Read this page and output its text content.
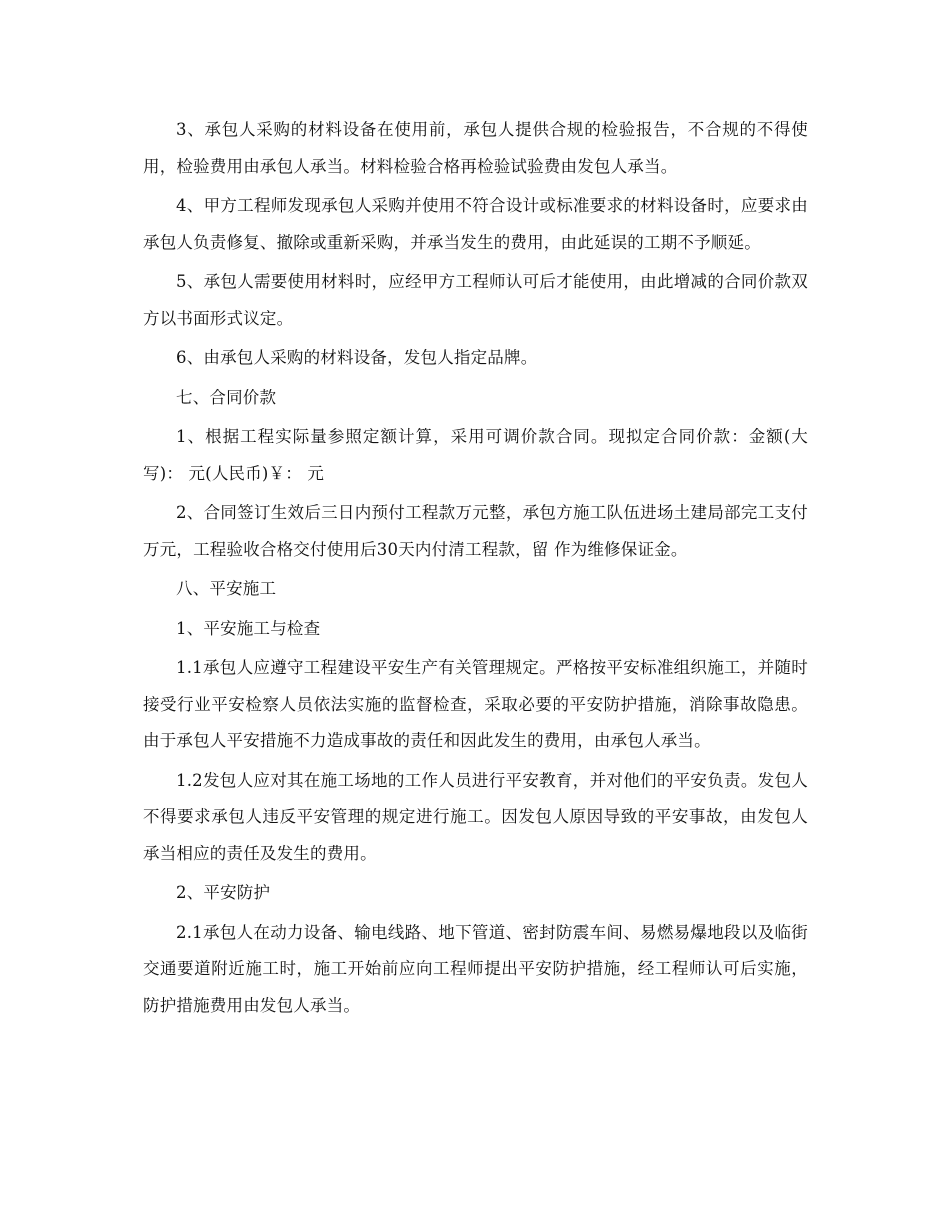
3、承包人采购的材料设备在使用前，承包人提供合规的检验报告，不合规的不得使用，检验费用由承包人承当。材料检验合格再检验试验费由发包人承当。

4、甲方工程师发现承包人采购并使用不符合设计或标准要求的材料设备时，应要求由承包人负责修复、撤除或重新采购，并承当发生的费用，由此延误的工期不予顺延。

5、承包人需要使用材料时，应经甲方工程师认可后才能使用，由此增减的合同价款双方以书面形式议定。

6、由承包人采购的材料设备，发包人指定品牌。

七、合同价款

1、根据工程实际量参照定额计算，采用可调价款合同。现拟定合同价款：金额(大写)： 元(人民币)￥： 元

2、合同签订生效后三日内预付工程款万元整，承包方施工队伍进场土建局部完工支付万元，工程验收合格交付使用后30天内付清工程款，留 作为维修保证金。

八、平安施工

1、平安施工与检查

1.1承包人应遵守工程建设平安生产有关管理规定。严格按平安标准组织施工，并随时接受行业平安检察人员依法实施的监督检查，采取必要的平安防护措施，消除事故隐患。由于承包人平安措施不力造成事故的责任和因此发生的费用，由承包人承当。

1.2发包人应对其在施工场地的工作人员进行平安教育，并对他们的平安负责。发包人不得要求承包人违反平安管理的规定进行施工。因发包人原因导致的平安事故，由发包人承当相应的责任及发生的费用。

2、平安防护

2.1承包人在动力设备、输电线路、地下管道、密封防震车间、易燃易爆地段以及临街交通要道附近施工时，施工开始前应向工程师提出平安防护措施，经工程师认可后实施，防护措施费用由发包人承当。
